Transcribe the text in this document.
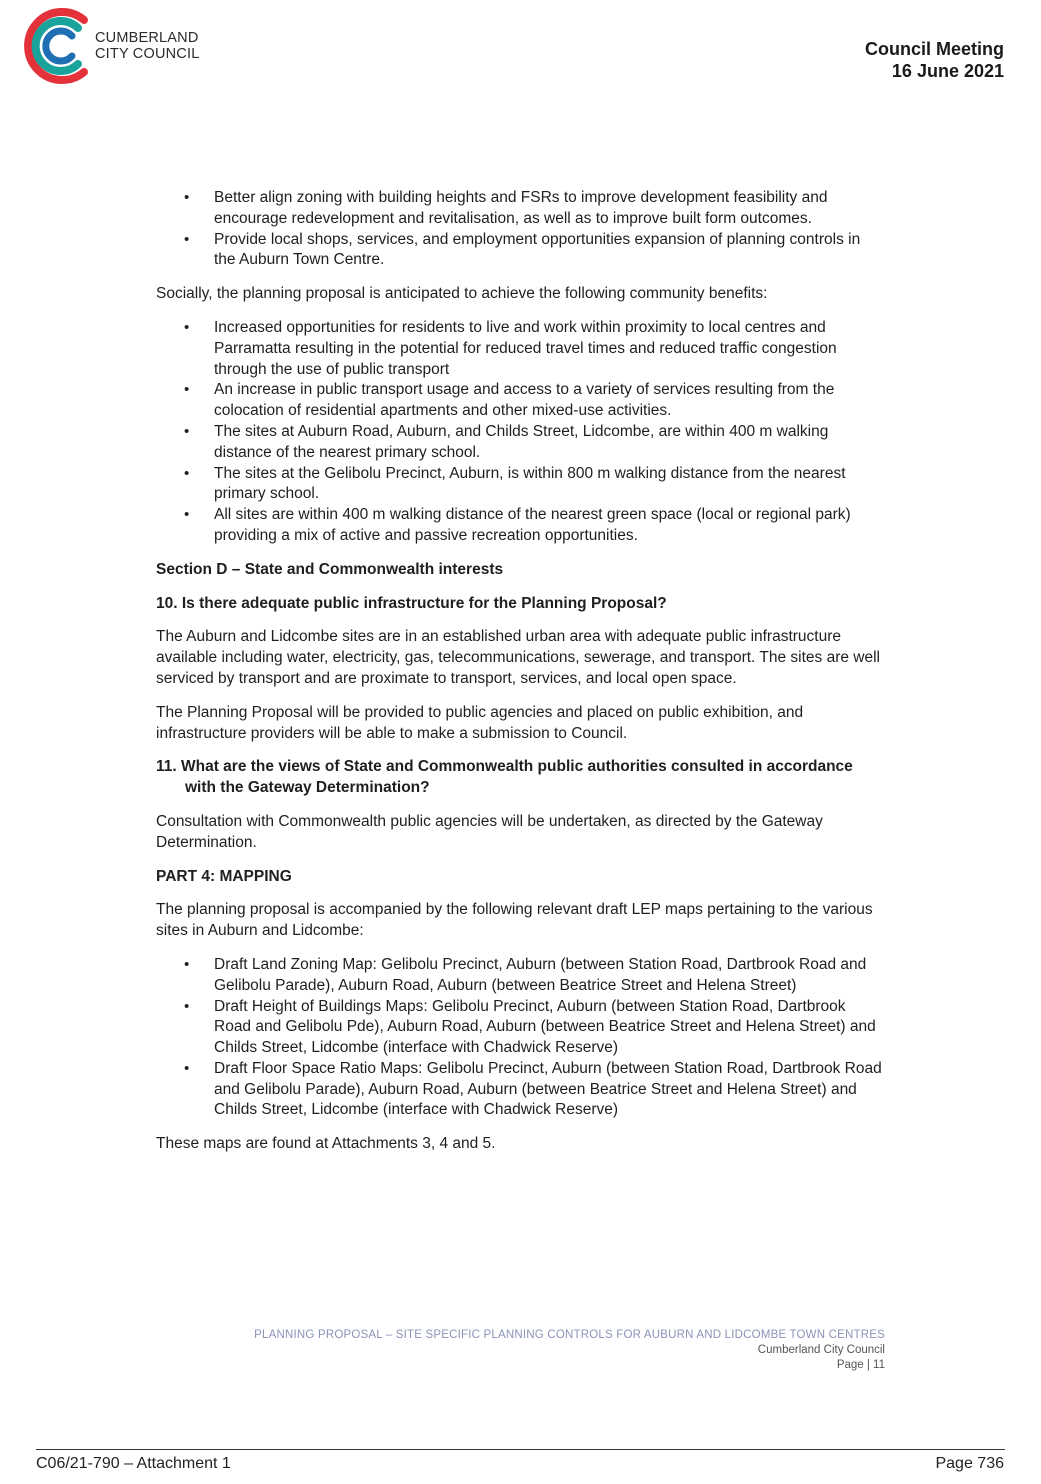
CUMBERLAND
CITY COUNCIL	Council Meeting
16 June 2021
• Better align zoning with building heights and FSRs to improve development feasibility and encourage redevelopment and revitalisation, as well as to improve built form outcomes.
• Provide local shops, services, and employment opportunities expansion of planning controls in the Auburn Town Centre.

Socially, the planning proposal is anticipated to achieve the following community benefits:

• Increased opportunities for residents to live and work within proximity to local centres and Parramatta resulting in the potential for reduced travel times and reduced traffic congestion through the use of public transport
• An increase in public transport usage and access to a variety of services resulting from the colocation of residential apartments and other mixed-use activities.
• The sites at Auburn Road, Auburn, and Childs Street, Lidcombe, are within 400 m walking distance of the nearest primary school.
• The sites at the Gelibolu Precinct, Auburn, is within 800 m walking distance from the nearest primary school.
• All sites are within 400 m walking distance of the nearest green space (local or regional park) providing a mix of active and passive recreation opportunities.

Section D – State and Commonwealth interests

10. Is there adequate public infrastructure for the Planning Proposal?

The Auburn and Lidcombe sites are in an established urban area with adequate public infrastructure available including water, electricity, gas, telecommunications, sewerage, and transport. The sites are well serviced by transport and are proximate to transport, services, and local open space.

The Planning Proposal will be provided to public agencies and placed on public exhibition, and infrastructure providers will be able to make a submission to Council.

11. What are the views of State and Commonwealth public authorities consulted in accordance with the Gateway Determination?

Consultation with Commonwealth public agencies will be undertaken, as directed by the Gateway Determination.

PART 4: MAPPING

The planning proposal is accompanied by the following relevant draft LEP maps pertaining to the various sites in Auburn and Lidcombe:

• Draft Land Zoning Map: Gelibolu Precinct, Auburn (between Station Road, Dartbrook Road and Gelibolu Parade), Auburn Road, Auburn (between Beatrice Street and Helena Street)
• Draft Height of Buildings Maps: Gelibolu Precinct, Auburn (between Station Road, Dartbrook Road and Gelibolu Pde), Auburn Road, Auburn (between Beatrice Street and Helena Street) and Childs Street, Lidcombe (interface with Chadwick Reserve)
• Draft Floor Space Ratio Maps: Gelibolu Precinct, Auburn (between Station Road, Dartbrook Road and Gelibolu Parade), Auburn Road, Auburn (between Beatrice Street and Helena Street) and Childs Street, Lidcombe (interface with Chadwick Reserve)

These maps are found at Attachments 3, 4 and 5.

PLANNING PROPOSAL – SITE SPECIFIC PLANNING CONTROLS FOR AUBURN AND LIDCOMBE TOWN CENTRES
Cumberland City Council
Page | 11
C06/21-790 – Attachment 1	Page 736
